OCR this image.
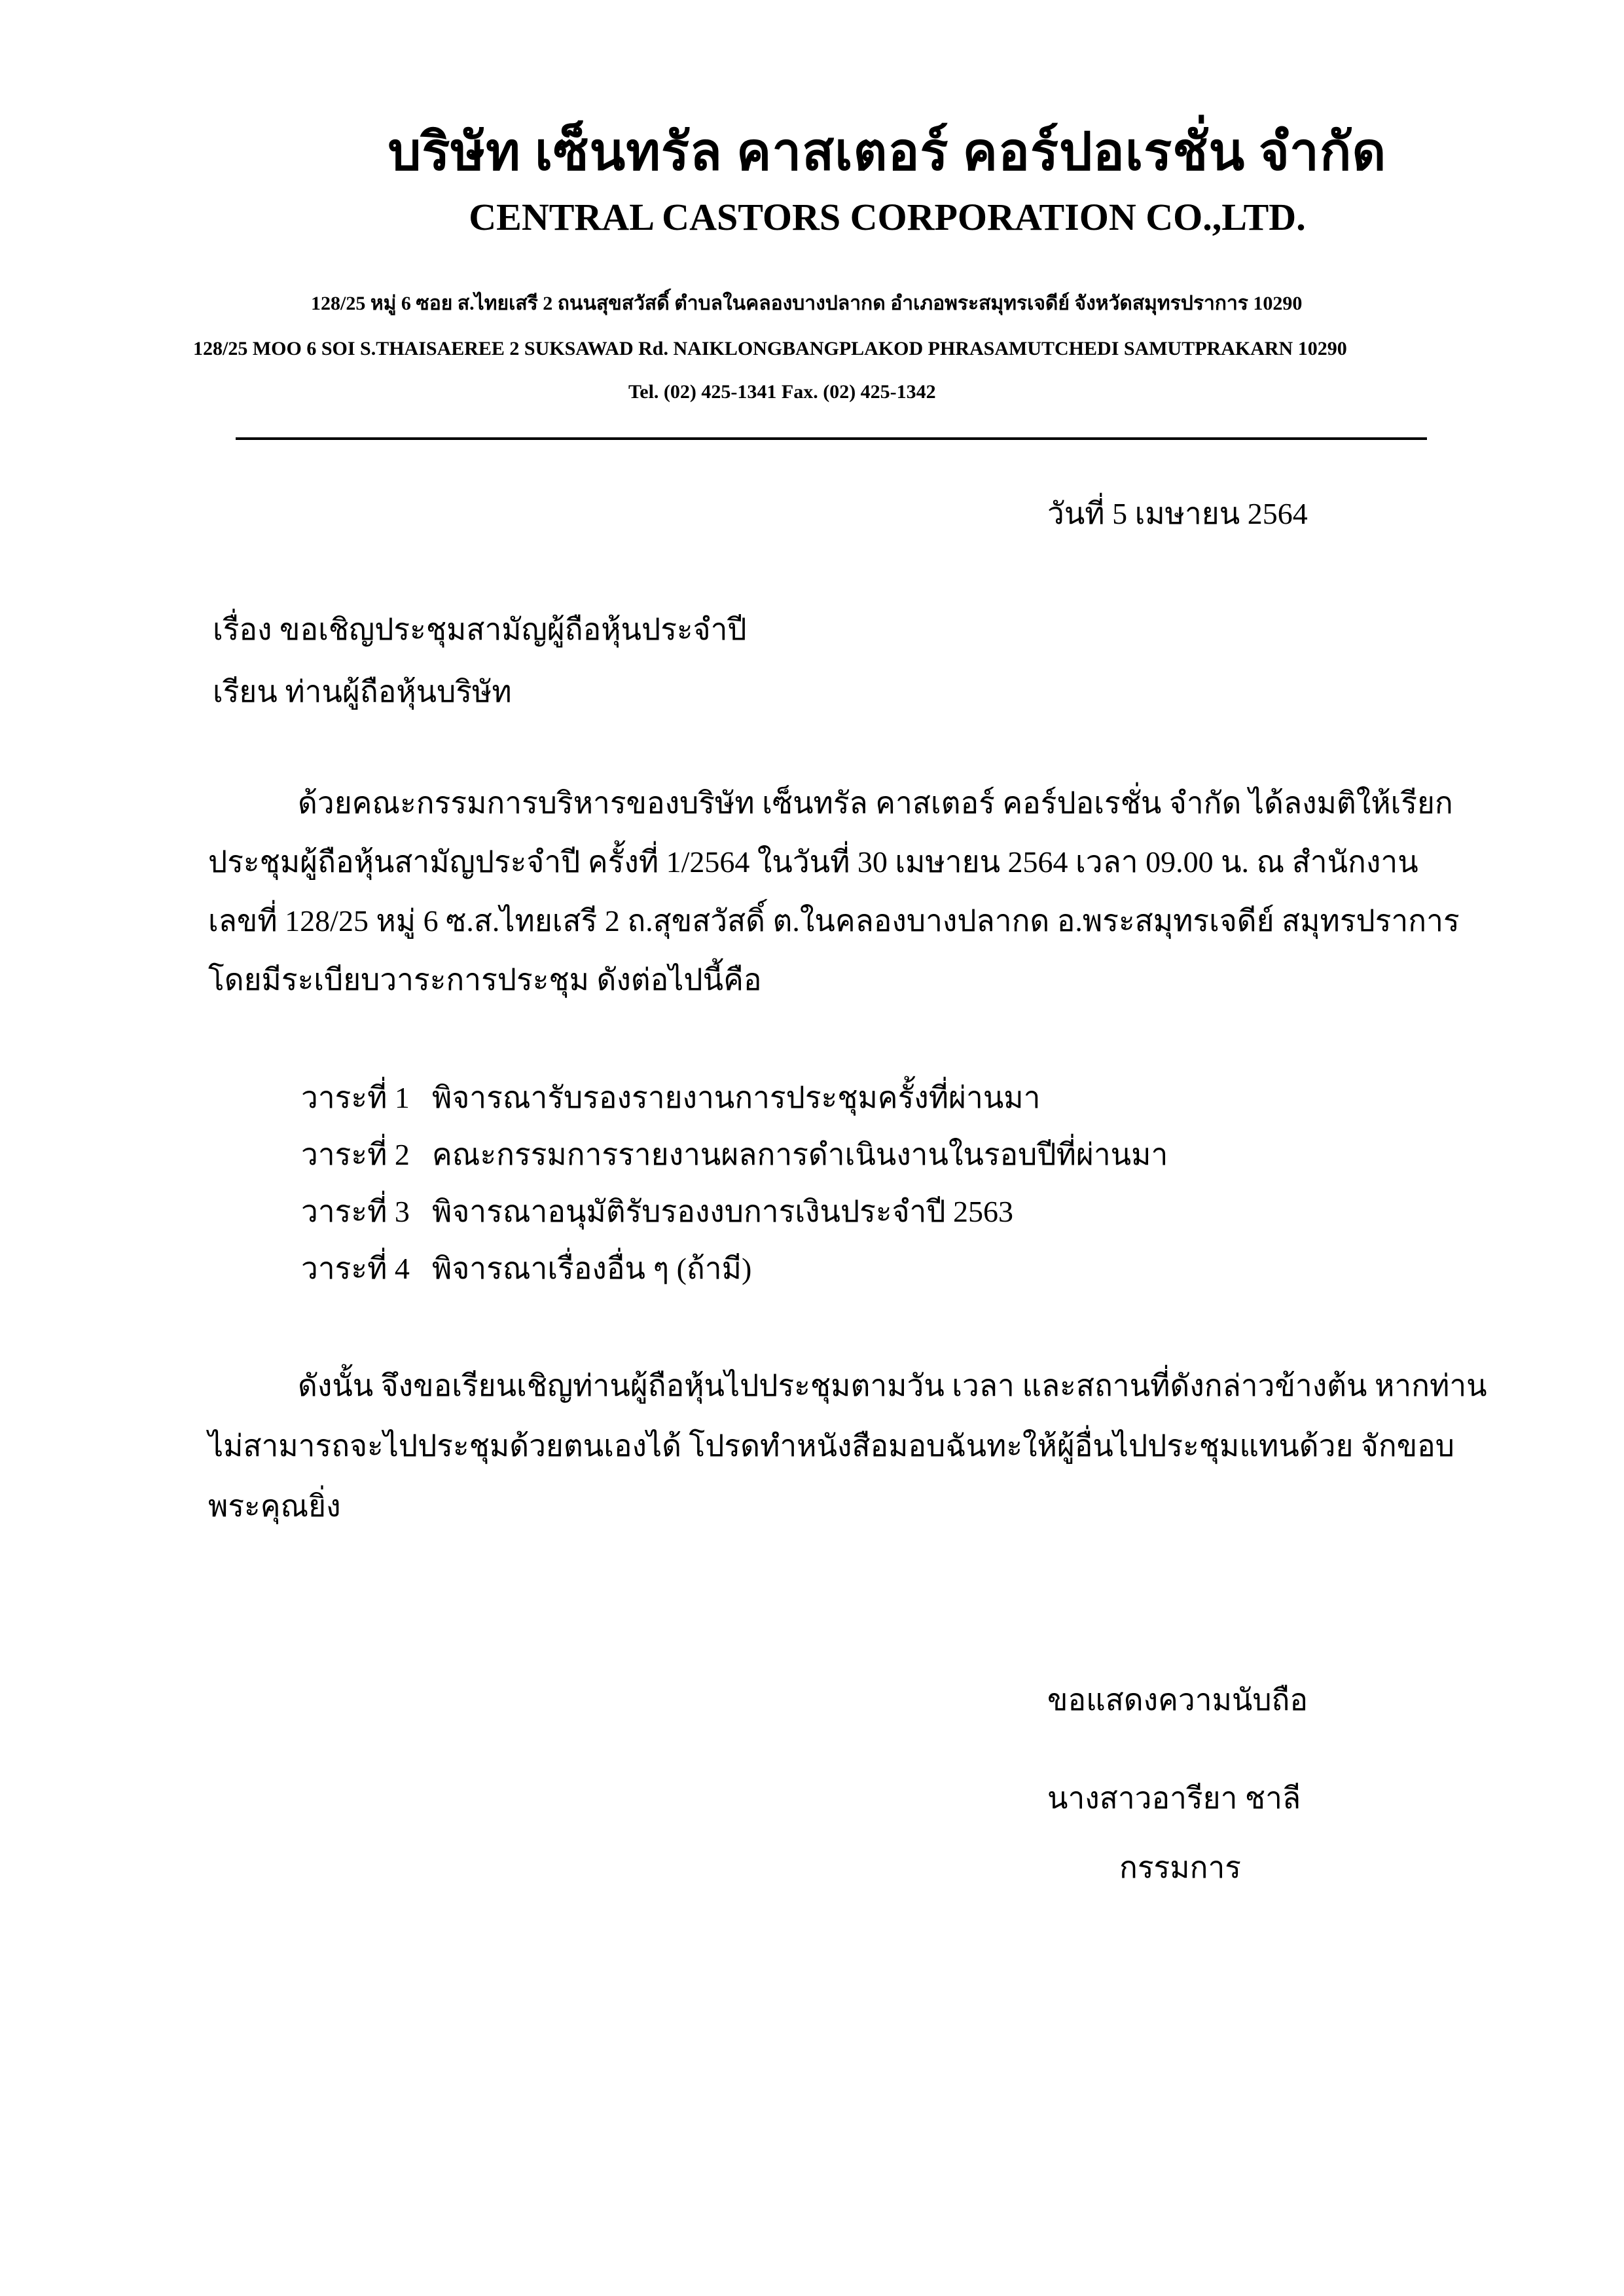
บริษัท เซ็นทรัล คาสเตอร์ คอร์ปอเรชั่น จำกัด
CENTRAL CASTORS CORPORATION CO.,LTD.
128/25 หมู่ 6 ซอย ส.ไทยเสรี 2 ถนนสุขสวัสดิ์ ตำบลในคลองบางปลากด อำเภอพระสมุทรเจดีย์ จังหวัดสมุทรปราการ 10290
128/25 MOO 6 SOI S.THAISAEREE 2 SUKSAWAD Rd. NAIKLONGBANGPLAKOD PHRASAMUTCHEDI SAMUTPRAKARN 10290
Tel. (02) 425-1341 Fax. (02) 425-1342
วันที่ 5 เมษายน 2564
เรื่อง ขอเชิญประชุมสามัญผู้ถือหุ้นประจำปี
เรียน ท่านผู้ถือหุ้นบริษัท
ด้วยคณะกรรมการบริหารของบริษัท เซ็นทรัล คาสเตอร์ คอร์ปอเรชั่น จำกัด ได้ลงมติให้เรียก
ประชุมผู้ถือหุ้นสามัญประจำปี ครั้งที่ 1/2564 ในวันที่ 30 เมษายน 2564 เวลา 09.00 น. ณ สำนักงาน
เลขที่ 128/25 หมู่ 6 ซ.ส.ไทยเสรี 2 ถ.สุขสวัสดิ์ ต.ในคลองบางปลากด อ.พระสมุทรเจดีย์ สมุทรปราการ
โดยมีระเบียบวาระการประชุม ดังต่อไปนี้คือ
วาระที่ 1 พิจารณารับรองรายงานการประชุมครั้งที่ผ่านมา
วาระที่ 2 คณะกรรมการรายงานผลการดำเนินงานในรอบปีที่ผ่านมา
วาระที่ 3 พิจารณาอนุมัติรับรองงบการเงินประจำปี 2563
วาระที่ 4 พิจารณาเรื่องอื่น ๆ (ถ้ามี)
ดังนั้น จึงขอเรียนเชิญท่านผู้ถือหุ้นไปประชุมตามวัน เวลา และสถานที่ดังกล่าวข้างต้น หากท่าน
ไม่สามารถจะไปประชุมด้วยตนเองได้ โปรดทำหนังสือมอบฉันทะให้ผู้อื่นไปประชุมแทนด้วย จักขอบ
พระคุณยิ่ง
ขอแสดงความนับถือ
นางสาวอารียา ชาลี
กรรมการ
